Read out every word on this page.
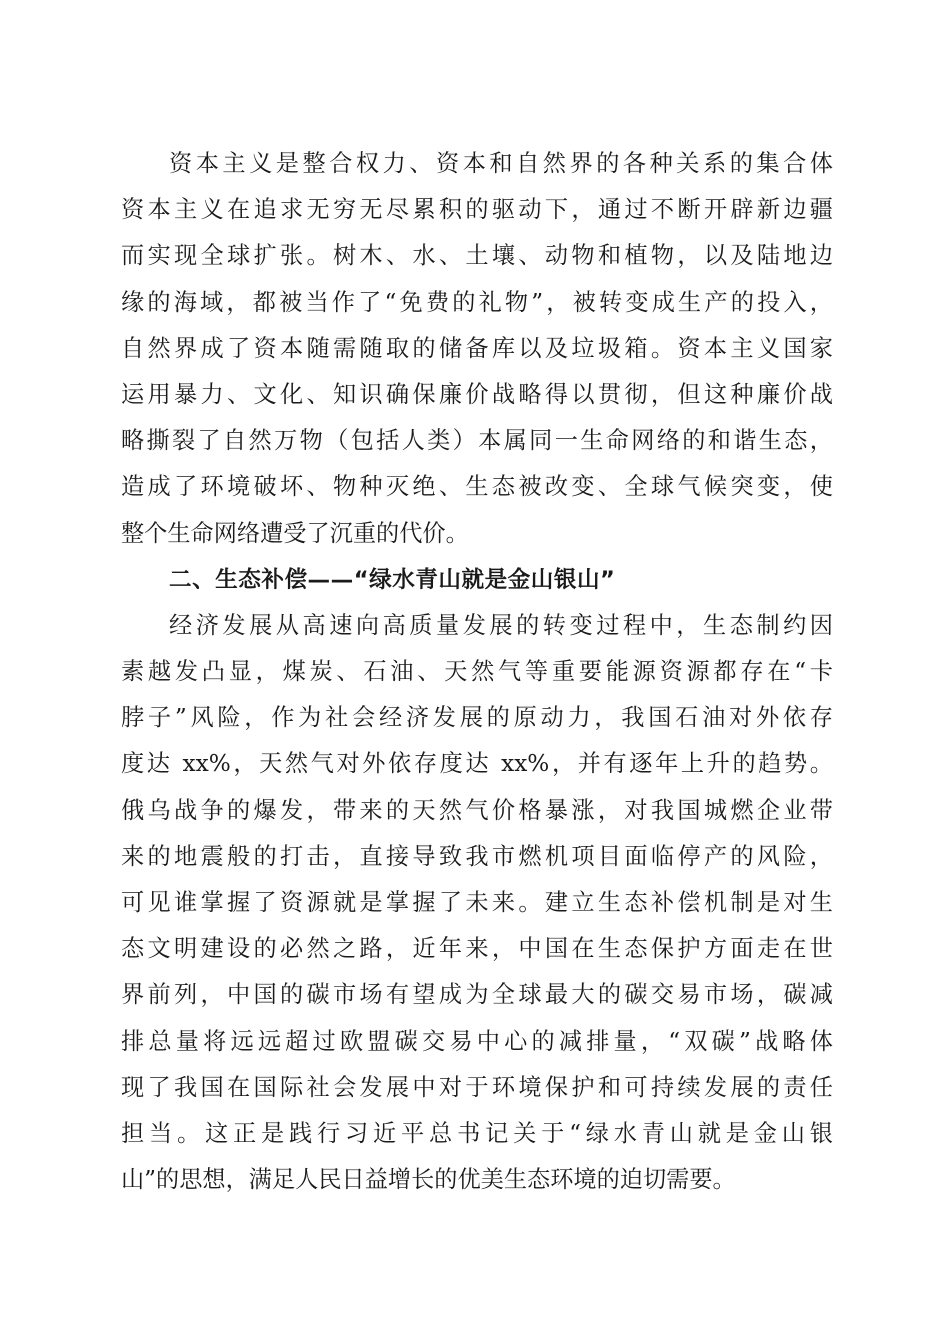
资本主义是整合权力、资本和自然界的各种关系的集合体
资本主义在追求无穷无尽累积的驱动下，通过不断开辟新边疆
而实现全球扩张。树木、水、土壤、动物和植物，以及陆地边
缘的海域，都被当作了“免费的礼物”，被转变成生产的投入，
自然界成了资本随需随取的储备库以及垃圾箱。资本主义国家
运用暴力、文化、知识确保廉价战略得以贯彻，但这种廉价战
略撕裂了自然万物（包括人类）本属同一生命网络的和谐生态，
造成了环境破坏、物种灭绝、生态被改变、全球气候突变，使
整个生命网络遭受了沉重的代价。
二、生态补偿——“绿水青山就是金山银山”
经济发展从高速向高质量发展的转变过程中，生态制约因
素越发凸显，煤炭、石油、天然气等重要能源资源都存在“卡
脖子”风险，作为社会经济发展的原动力，我国石油对外依存
度达 xx%，天然气对外依存度达 xx%，并有逐年上升的趋势。
俄乌战争的爆发，带来的天然气价格暴涨，对我国城燃企业带
来的地震般的打击，直接导致我市燃机项目面临停产的风险，
可见谁掌握了资源就是掌握了未来。建立生态补偿机制是对生
态文明建设的必然之路，近年来，中国在生态保护方面走在世
界前列，中国的碳市场有望成为全球最大的碳交易市场，碳减
排总量将远远超过欧盟碳交易中心的减排量，“双碳”战略体
现了我国在国际社会发展中对于环境保护和可持续发展的责任
担当。这正是践行习近平总书记关于“绿水青山就是金山银
山”的思想，满足人民日益增长的优美生态环境的迫切需要。
